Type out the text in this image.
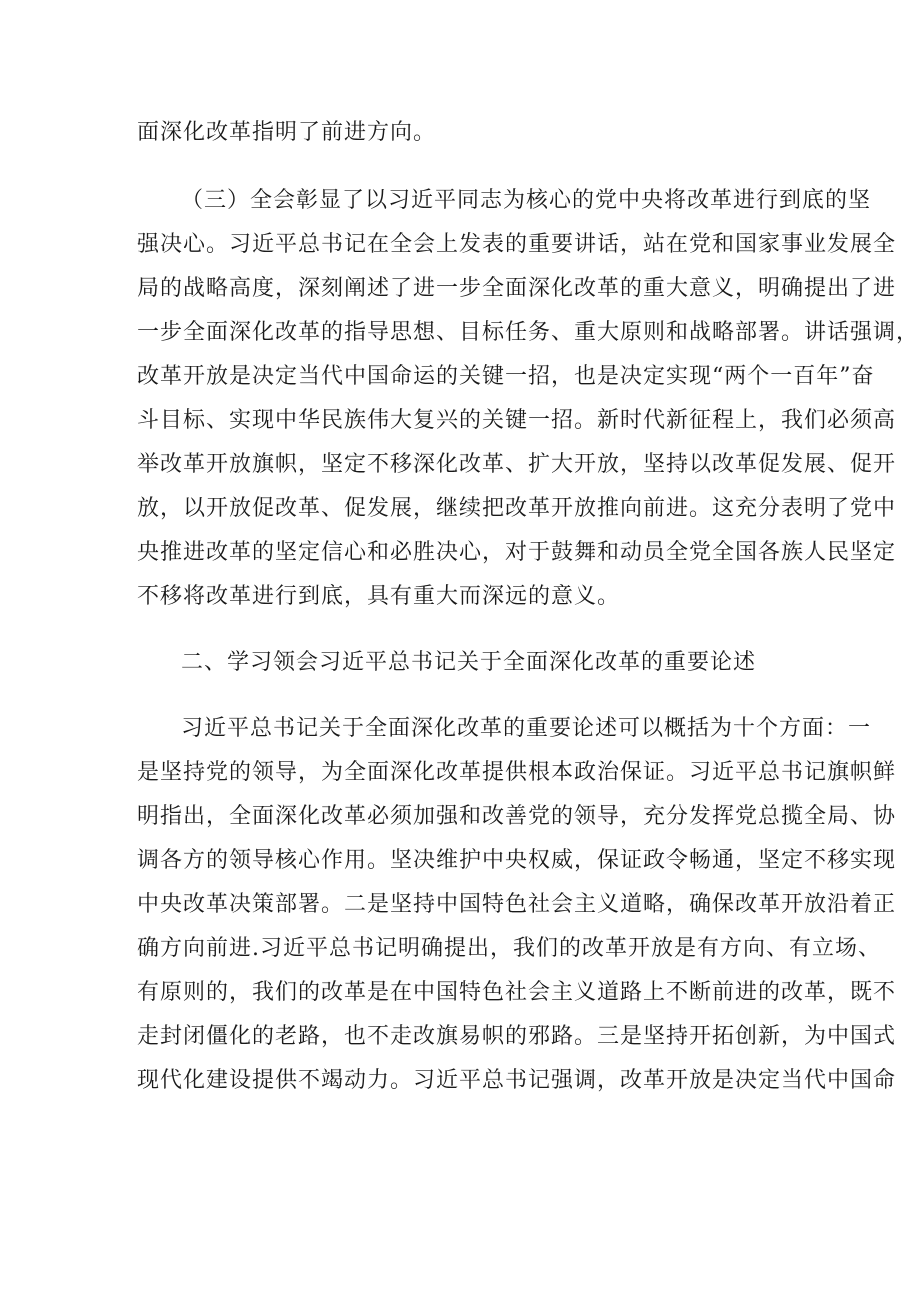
面深化改革指明了前进方向。
（三）全会彰显了以习近平同志为核心的党中央将改革进行到底的坚
强决心。习近平总书记在全会上发表的重要讲话，站在党和国家事业发展全
局的战略高度，深刻阐述了进一步全面深化改革的重大意义，明确提出了进
一步全面深化改革的指导思想、目标任务、重大原则和战略部署。讲话强调，
改革开放是决定当代中国命运的关键一招，也是决定实现“两个一百年”奋
斗目标、实现中华民族伟大复兴的关键一招。新时代新征程上，我们必须高
举改革开放旗帜，坚定不移深化改革、扩大开放，坚持以改革促发展、促开
放，以开放促改革、促发展，继续把改革开放推向前进。这充分表明了党中
央推进改革的坚定信心和必胜决心，对于鼓舞和动员全党全国各族人民坚定
不移将改革进行到底，具有重大而深远的意义。
二、学习领会习近平总书记关于全面深化改革的重要论述
习近平总书记关于全面深化改革的重要论述可以概括为十个方面：一
是坚持党的领导，为全面深化改革提供根本政治保证。习近平总书记旗帜鲜
明指出，全面深化改革必须加强和改善党的领导，充分发挥党总揽全局、协
调各方的领导核心作用。坚决维护中央权威，保证政令畅通，坚定不移实现
中央改革决策部署。二是坚持中国特色社会主义道略，确保改革开放沿着正
确方向前进.习近平总书记明确提出，我们的改革开放是有方向、有立场、
有原则的，我们的改革是在中国特色社会主义道路上不断前进的改革，既不
走封闭僵化的老路，也不走改旗易帜的邪路。三是坚持开拓创新，为中国式
现代化建设提供不竭动力。习近平总书记强调，改革开放是决定当代中国命
